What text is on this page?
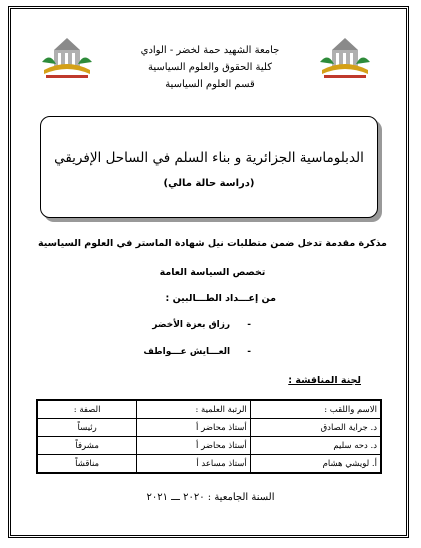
جامعة الشهيد حمة لخضر - الوادي
كلية الحقوق والعلوم السياسية
قسم العلوم السياسية
الدبلوماسية الجزائرية و بناء السلم في الساحل الإفريقي
(دراسة حالة مالي)
مذكرة مقدمة تدخل ضمن متطلبات نيل شهادة الماستر في العلوم السياسية
تخصص السياسة العامة
من إعـــداد الطـــالبين :
- رزاق بعزة الأخضر
- العـــايش عـــواطف
لجنة المناقشة :
الاسم واللقب :	الرتبة العلمية :	الصفة :
د. جراية الصادق	أستاذ محاضر أ	رئيساً
د. دحه سليم	أستاذ محاضر أ	مشرفاً
أ. لويشي هشام	أستاذ مساعد أ	مناقشاً
السنة الجامعية : ٢٠٢٠ ـــ ٢٠٢١
